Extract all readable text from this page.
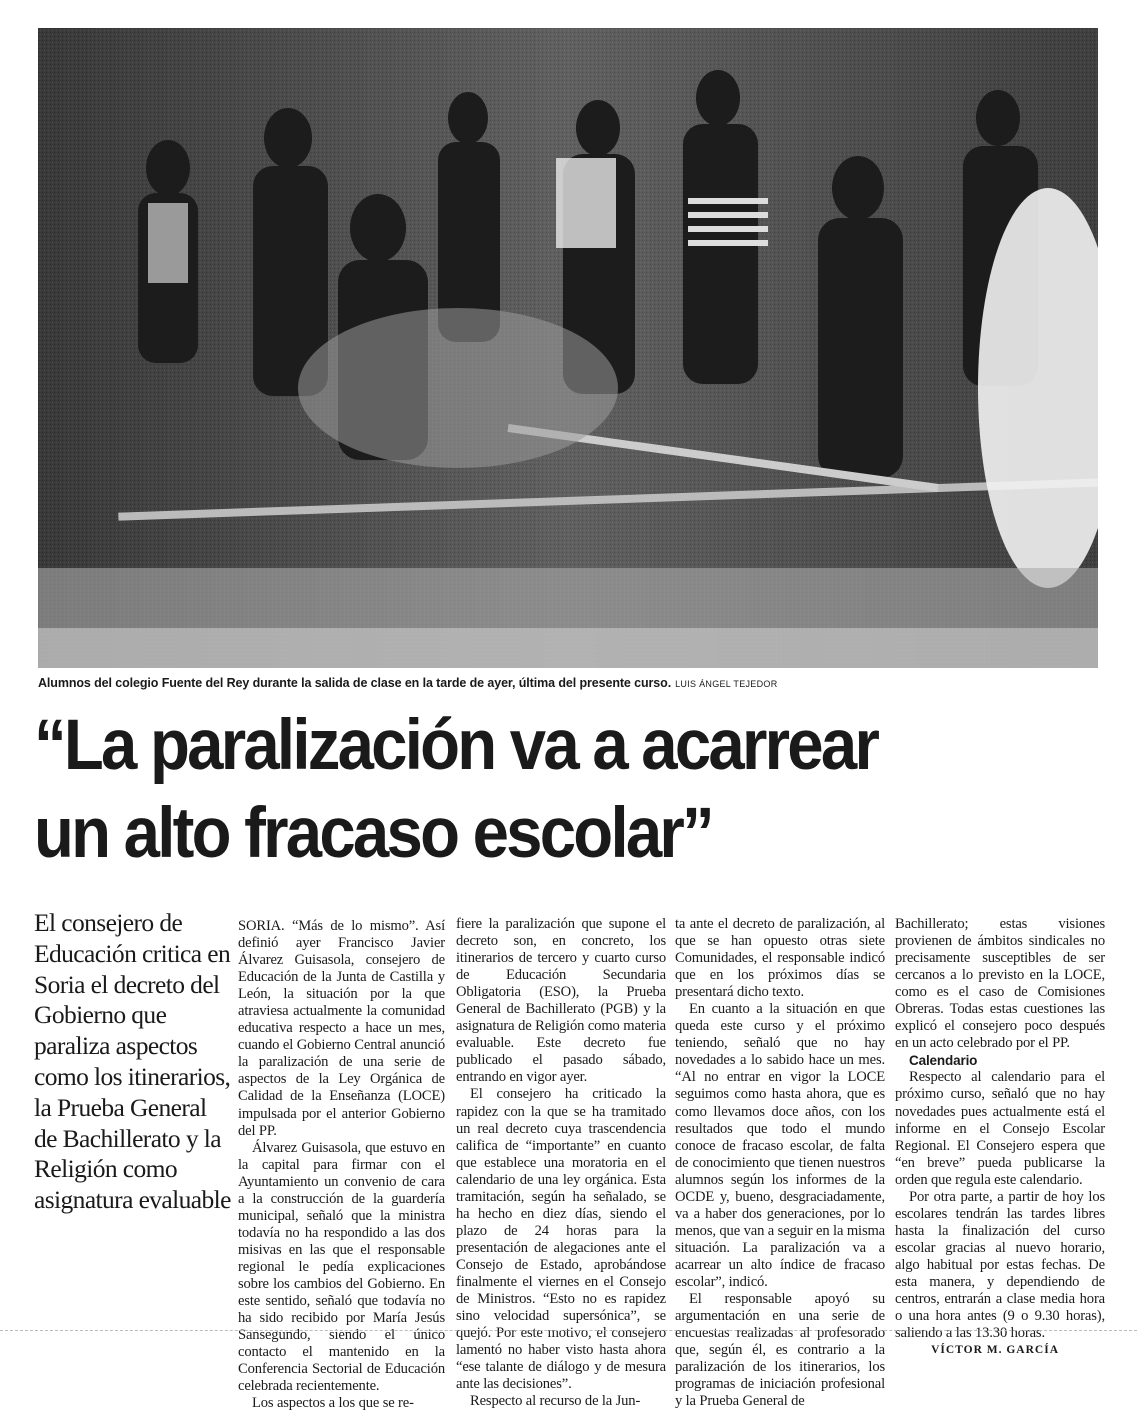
Alumnos del colegio Fuente del Rey durante la salida de clase en la tarde de ayer, última del presente curso. LUIS ÁNGEL TEJEDOR
“La paralización va a acarrear
un alto fracaso escolar”
El consejero de Educación critica en Soria el decreto del Gobierno que paraliza aspectos como los itinerarios, la Prueba General de Bachillerato y la Religión como asignatura evaluable

SORIA. “Más de lo mismo”. Así definió ayer Francisco Javier Álvarez Guisasola, consejero de Educación de la Junta de Castilla y León, la situación por la que atraviesa actualmente la comunidad educativa respecto a hace un mes, cuando el Gobierno Central anunció la paralización de una serie de aspectos de la Ley Orgánica de Calidad de la Enseñanza (LOCE) impulsada por el anterior Gobierno del PP.

Álvarez Guisasola, que estuvo en la capital para firmar con el Ayuntamiento un convenio de cara a la construcción de la guardería municipal, señaló que la ministra todavía no ha respondido a las dos misivas en las que el responsable regional le pedía explicaciones sobre los cambios del Gobierno. En este sentido, señaló que todavía no ha sido recibido por María Jesús Sansegundo, siendo el único contacto el mantenido en la Conferencia Sectorial de Educación celebrada recientemente.

Los aspectos a los que se re-

fiere la paralización que supone el decreto son, en concreto, los itinerarios de tercero y cuarto curso de Educación Secundaria Obligatoria (ESO), la Prueba General de Bachillerato (PGB) y la asignatura de Religión como materia evaluable. Este decreto fue publicado el pasado sábado, entrando en vigor ayer.

El consejero ha criticado la rapidez con la que se ha tramitado un real decreto cuya trascendencia califica de “importante” en cuanto que establece una moratoria en el calendario de una ley orgánica. Esta tramitación, según ha señalado, se ha hecho en diez días, siendo el plazo de 24 horas para la presentación de alegaciones ante el Consejo de Estado, aprobándose finalmente el viernes en el Consejo de Ministros. “Esto no es rapidez sino velocidad supersónica”, se quejó. Por este motivo, el consejero lamentó no haber visto hasta ahora “ese talante de diálogo y de mesura ante las decisiones”.

Respecto al recurso de la Jun-

ta ante el decreto de paralización, al que se han opuesto otras siete Comunidades, el responsable indicó que en los próximos días se presentará dicho texto.

En cuanto a la situación en que queda este curso y el próximo teniendo, señaló que no hay novedades a lo sabido hace un mes. “Al no entrar en vigor la LOCE seguimos como hasta ahora, que es como llevamos doce años, con los resultados que todo el mundo conoce de fracaso escolar, de falta de conocimiento que tienen nuestros alumnos según los informes de la OCDE y, bueno, desgraciadamente, va a haber dos generaciones, por lo menos, que van a seguir en la misma situación. La paralización va a acarrear un alto índice de fracaso escolar”, indicó.

El responsable apoyó su argumentación en una serie de encuestas realizadas al profesorado que, según él, es contrario a la paralización de los itinerarios, los programas de iniciación profesional y la Prueba General de

Bachillerato; estas visiones provienen de ámbitos sindicales no precisamente susceptibles de ser cercanos a lo previsto en la LOCE, como es el caso de Comisiones Obreras. Todas estas cuestiones las explicó el consejero poco después en un acto celebrado por el PP.

Calendario

Respecto al calendario para el próximo curso, señaló que no hay novedades pues actualmente está el informe en el Consejo Escolar Regional. El Consejero espera que “en breve” pueda publicarse la orden que regula este calendario.

Por otra parte, a partir de hoy los escolares tendrán las tardes libres hasta la finalización del curso escolar gracias al nuevo horario, algo habitual por estas fechas. De esta manera, y dependiendo de centros, entrarán a clase media hora o una hora antes (9 o 9.30 horas), saliendo a las 13.30 horas.

VÍCTOR M. GARCÍA
